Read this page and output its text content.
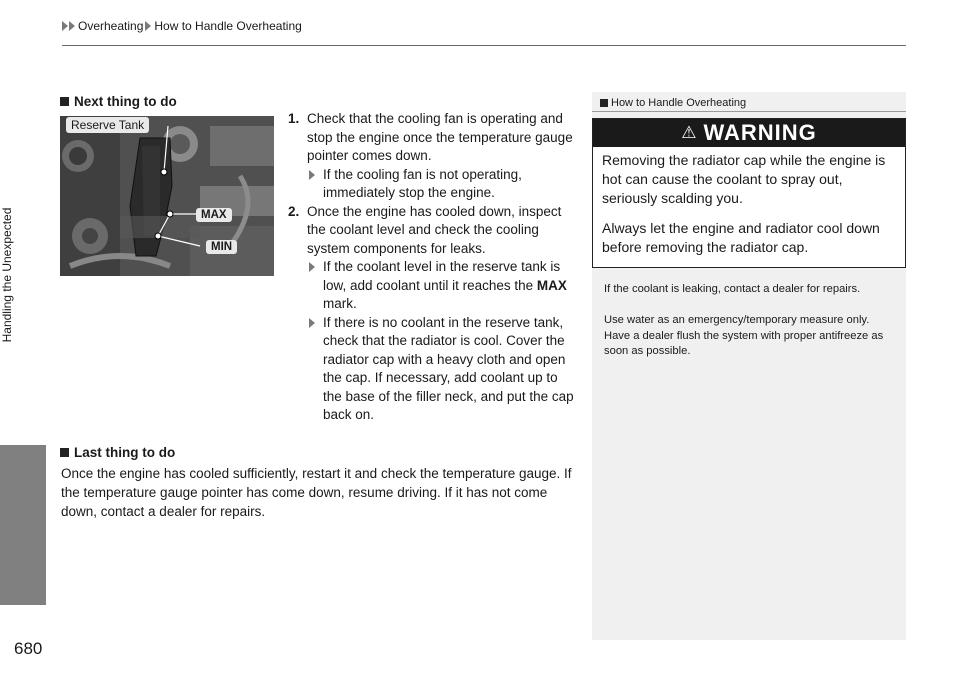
Overheating How to Handle Overheating
Handling the Unexpected
680
Next thing to do
Reserve Tank
MAX
MIN
1. Check that the cooling fan is operating and stop the engine once the temperature gauge pointer comes down.
If the cooling fan is not operating, immediately stop the engine.
2. Once the engine has cooled down, inspect the coolant level and check the cooling system components for leaks.
If the coolant level in the reserve tank is low, add coolant until it reaches the MAX mark.
If there is no coolant in the reserve tank, check that the radiator is cool. Cover the radiator cap with a heavy cloth and open the cap. If necessary, add coolant up to the base of the filler neck, and put the cap back on.
Last thing to do
Once the engine has cooled sufficiently, restart it and check the temperature gauge. If the temperature gauge pointer has come down, resume driving. If it has not come down, contact a dealer for repairs.
How to Handle Overheating
⚠ WARNING
Removing the radiator cap while the engine is hot can cause the coolant to spray out, seriously scalding you.
Always let the engine and radiator cool down before removing the radiator cap.
If the coolant is leaking, contact a dealer for repairs.
Use water as an emergency/temporary measure only. Have a dealer flush the system with proper antifreeze as soon as possible.
